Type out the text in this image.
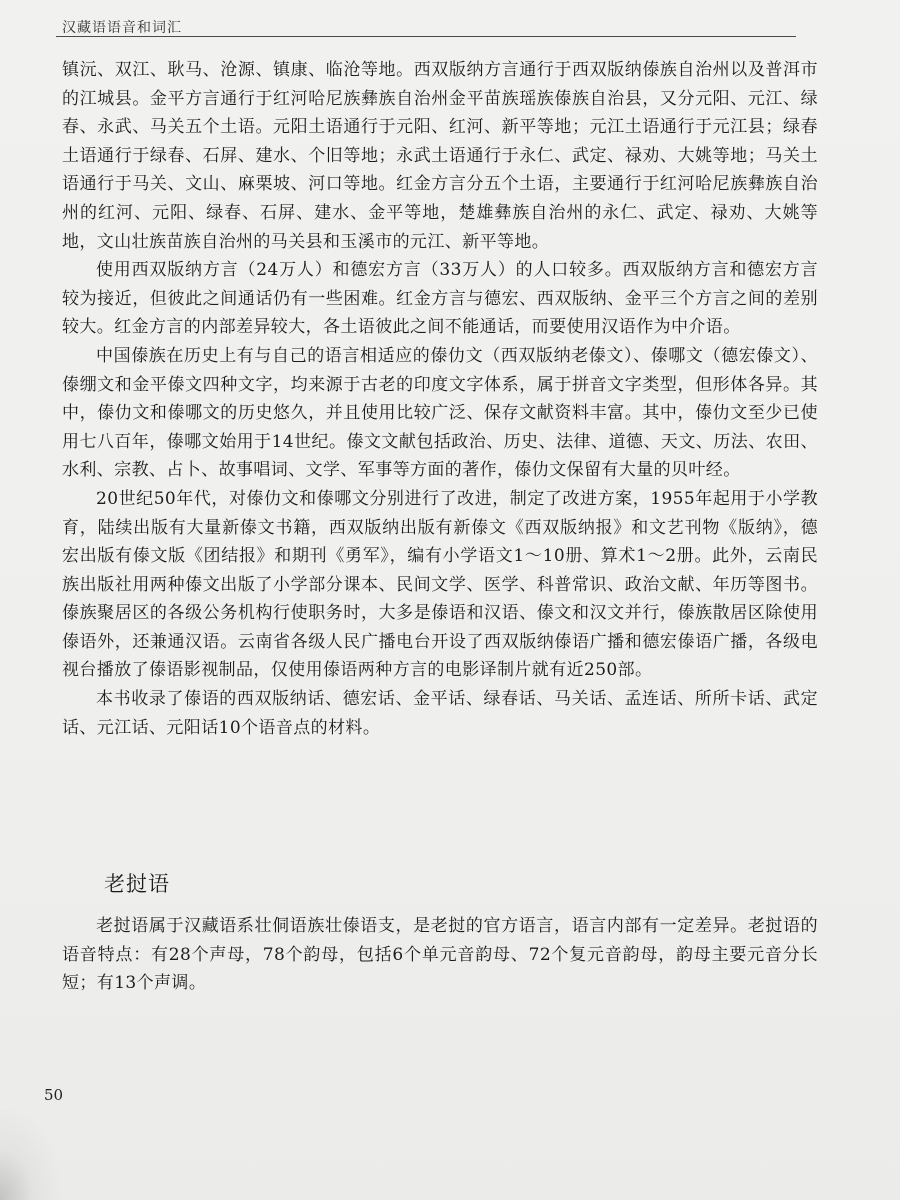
汉藏语语音和词汇
镇沅、双江、耿马、沧源、镇康、临沧等地。西双版纳方言通行于西双版纳傣族自治州以及普洱市的江城县。金平方言通行于红河哈尼族彝族自治州金平苗族瑶族傣族自治县，又分元阳、元江、绿春、永武、马关五个土语。元阳土语通行于元阳、红河、新平等地；元江土语通行于元江县；绿春土语通行于绿春、石屏、建水、个旧等地；永武土语通行于永仁、武定、禄劝、大姚等地；马关土语通行于马关、文山、麻栗坡、河口等地。红金方言分五个土语，主要通行于红河哈尼族彝族自治州的红河、元阳、绿春、石屏、建水、金平等地，楚雄彝族自治州的永仁、武定、禄劝、大姚等地，文山壮族苗族自治州的马关县和玉溪市的元江、新平等地。
使用西双版纳方言（24万人）和德宏方言（33万人）的人口较多。西双版纳方言和德宏方言较为接近，但彼此之间通话仍有一些困难。红金方言与德宏、西双版纳、金平三个方言之间的差别较大。红金方言的内部差异较大，各土语彼此之间不能通话，而要使用汉语作为中介语。
中国傣族在历史上有与自己的语言相适应的傣仂文（西双版纳老傣文）、傣哪文（德宏傣文）、傣绷文和金平傣文四种文字，均来源于古老的印度文字体系，属于拼音文字类型，但形体各异。其中，傣仂文和傣哪文的历史悠久，并且使用比较广泛、保存文献资料丰富。其中，傣仂文至少已使用七八百年，傣哪文始用于14世纪。傣文文献包括政治、历史、法律、道德、天文、历法、农田、水利、宗教、占卜、故事唱词、文学、军事等方面的著作，傣仂文保留有大量的贝叶经。
20世纪50年代，对傣仂文和傣哪文分别进行了改进，制定了改进方案，1955年起用于小学教育，陆续出版有大量新傣文书籍，西双版纳出版有新傣文《西双版纳报》和文艺刊物《版纳》，德宏出版有傣文版《团结报》和期刊《勇军》，编有小学语文1～10册、算术1～2册。此外，云南民族出版社用两种傣文出版了小学部分课本、民间文学、医学、科普常识、政治文献、年历等图书。傣族聚居区的各级公务机构行使职务时，大多是傣语和汉语、傣文和汉文并行，傣族散居区除使用傣语外，还兼通汉语。云南省各级人民广播电台开设了西双版纳傣语广播和德宏傣语广播，各级电视台播放了傣语影视制品，仅使用傣语两种方言的电影译制片就有近250部。
本书收录了傣语的西双版纳话、德宏话、金平话、绿春话、马关话、孟连话、所所卡话、武定话、元江话、元阳话10个语音点的材料。
老挝语
老挝语属于汉藏语系壮侗语族壮傣语支，是老挝的官方语言，语言内部有一定差异。老挝语的语音特点：有28个声母，78个韵母，包括6个单元音韵母、72个复元音韵母，韵母主要元音分长短；有13个声调。
50
